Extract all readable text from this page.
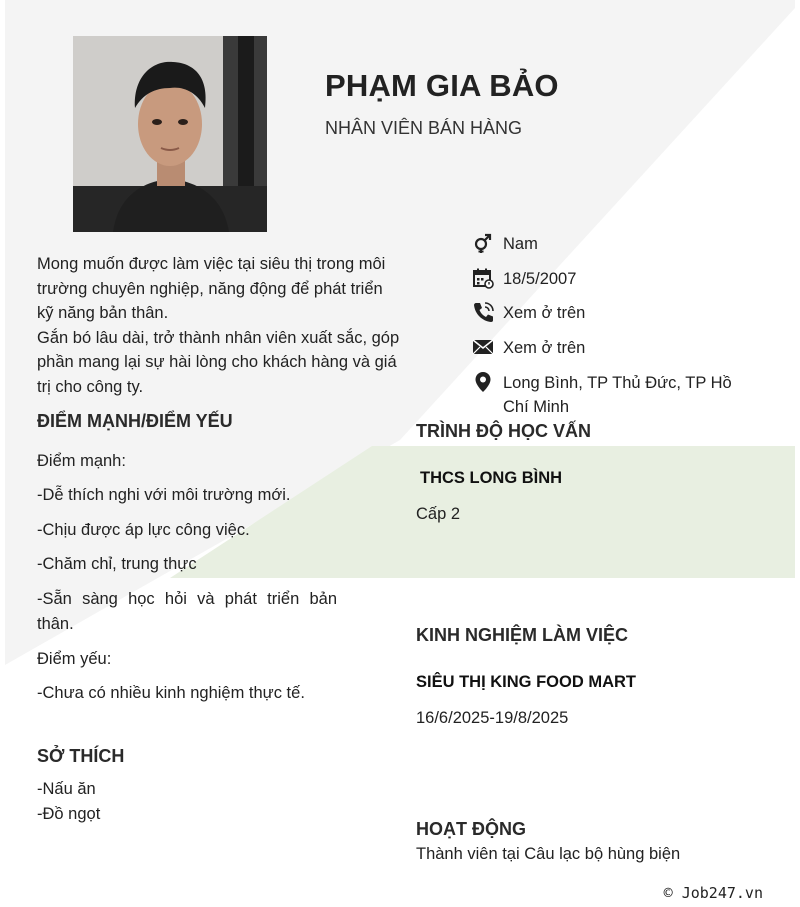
PHẠM GIA BẢO
NHÂN VIÊN BÁN HÀNG
Nam
18/5/2007
Xem ở trên
Xem ở trên
Long Bình, TP Thủ Đức, TP Hồ
Chí Minh
Mong muốn được làm việc tại siêu thị trong môi
trường chuyên nghiệp, năng động để phát triển
kỹ năng bản thân.
Gắn bó lâu dài, trở thành nhân viên xuất sắc, góp
phần mang lại sự hài lòng cho khách hàng và giá
trị cho công ty.
ĐIỂM MẠNH/ĐIỂM YẾU
Điểm mạnh:
-Dễ thích nghi với môi trường mới.
-Chịu được áp lực công việc.
-Chăm chỉ, trung thực
-Sẵn sàng học hỏi và phát triển bản
thân.
Điểm yếu:
-Chưa có nhiều kinh nghiệm thực tế.
SỞ THÍCH
-Nấu ăn
-Đồ ngọt
TRÌNH ĐỘ HỌC VẤN
THCS LONG BÌNH
Cấp 2
KINH NGHIỆM LÀM VIỆC
SIÊU THỊ KING FOOD MART
16/6/2025-19/8/2025
HOẠT ĐỘNG
Thành viên tại Câu lạc bộ hùng biện
© Job247.vn
